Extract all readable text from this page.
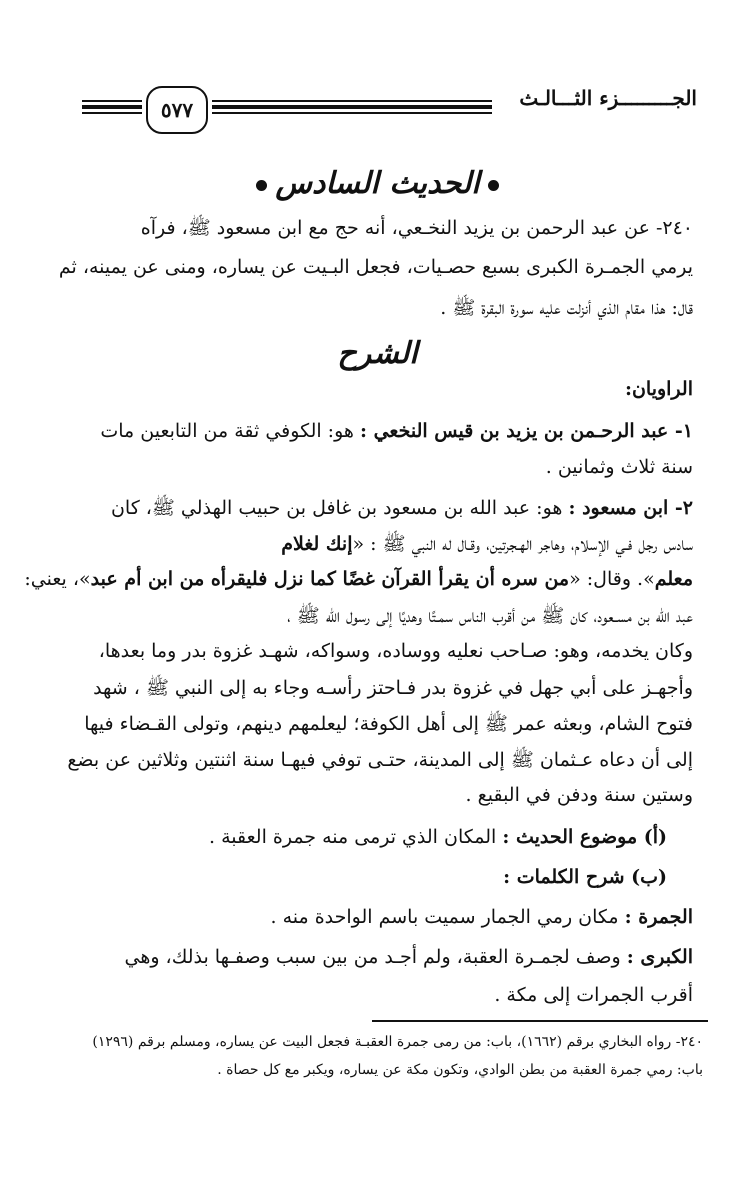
الجـــــــــزء الثـــالـث
٥٧٧
الحديث السادس
٢٤٠- عن عبد الرحمن بن يزيد النخـعي، أنه حج مع ابن مسعود ﷺ، فرآه
يرمي الجمـرة الكبرى بسبع حصـيات، فجعل البـيت عن يساره، ومنى عن يمينه، ثم
قال: هذا مقام الذي أنزلت عليه سورة البقرة ﷺ .
الشرح
الراويان:
١- عبد الرحـمن بن يزيد بن قيس النخعي : هو: الكوفي ثقة من التابعين مات
سنة ثلاث وثمانين .
٢- ابن مسعود : هو: عبد الله بن مسعود بن غافل بن حبيب الهذلي ﷺ، كان
سادس رجل فـي الإسلام، وهاجر الهـجرتين، وقـال له النبي ﷺ : «إنك لغلام
معلم». وقال: «من سره أن يقرأ القرآن غضًا كما نزل فليقرأه من ابن أم عبد»، يعني:
عبد الله بن مسـعود، كان ﷺ من أقرب الناس سمـتًا وهديًا إلى رسول الله ﷺ ،
وكان يخدمه، وهو: صـاحب نعليه ووساده، وسواكه، شهـد غزوة بدر وما بعدها،
وأجهـز على أبي جهل في غزوة بدر فـاحتز رأسـه وجاء به إلى النبي ﷺ ، شهد
فتوح الشام، وبعثه عمر ﷺ إلى أهل الكوفة؛ ليعلمهم دينهم، وتولى القـضاء فيها
إلى أن دعاه عـثمان ﷺ إلى المدينة، حتـى توفي فيهـا سنة اثنتين وثلاثين عن بضع
وستين سنة ودفن في البقيع .
(أ) موضوع الحديث : المكان الذي ترمى منه جمرة العقبة .
(ب) شرح الكلمات :
الجمرة : مكان رمي الجمار سميت باسم الواحدة منه .
الكبرى : وصف لجمـرة العقبة، ولم أجـد من بين سبب وصفـها بذلك، وهي
أقرب الجمرات إلى مكة .
٢٤٠- رواه البخاري برقم (١٦٦٢)، باب: من رمى جمرة العقبـة فجعل البيت عن يساره، ومسلم برقم (١٢٩٦)
باب: رمي جمرة العقبة من بطن الوادي، وتكون مكة عن يساره، ويكبر مع كل حصاة .
